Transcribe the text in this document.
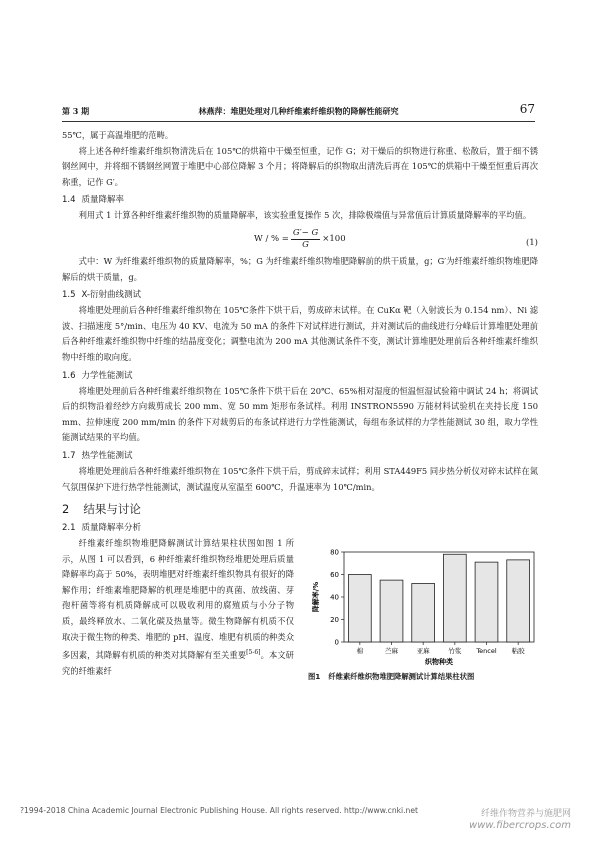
第 3 期	林燕萍：堆肥处理对几种纤维素纤维织物的降解性能研究	67

55℃，属于高温堆肥的范畴。

将上述各种纤维素纤维织物清洗后在 105℃的烘箱中干燥至恒重，记作 G；对干燥后的织物进行称重、松散后，置于细不锈钢丝网中，并将细不锈钢丝网置于堆肥中心部位降解 3 个月；将降解后的织物取出清洗后再在 105℃的烘箱中干燥至恒重后再次称重，记作 G′。

1.4 质量降解率

利用式 1 计算各种纤维素纤维织物的质量降解率，该实验重复操作 5 次，排除极端值与异常值后计算质量降解率的平均值。

W / % = $\frac{G'- G}{G} \times 100$	(1)

式中：W 为纤维素纤维织物的质量降解率，%；G 为纤维素纤维织物堆肥降解前的烘干质量，g；G′为纤维素纤维织物堆肥降解后的烘干质量，g。

1.5 X-衍射曲线测试

将堆肥处理前后各种纤维素纤维织物在 105℃条件下烘干后，剪成碎末试样。在 CuKα 靶（入射波长为 0.154 nm）、Ni 滤波、扫描速度 5°/min、电压为 40 KV、电流为 50 mA 的条件下对试样进行测试，并对测试后的曲线进行分峰后计算堆肥处理前后各种纤维素纤维织物中纤维的结晶度变化；调整电流为 200 mA 其他测试条件不变，测试计算堆肥处理前后各种纤维素纤维织物中纤维的取向度。

1.6 力学性能测试

将堆肥处理前后各种纤维素纤维织物在 105℃条件下烘干后在 20℃、65%相对湿度的恒温恒湿试验箱中调试 24 h；将调试后的织物沿着经纱方向裁剪成长 200 mm、宽 50 mm 矩形布条试样。利用 INSTRON5590 万能材料试验机在夹持长度 150 mm、拉伸速度 200 mm/min 的条件下对裁剪后的布条试样进行力学性能测试，每组布条试样的力学性能测试 30 组，取力学性能测试结果的平均值。

1.7 热学性能测试

将堆肥处理前后各种纤维素纤维织物在 105℃条件下烘干后，剪成碎末试样；利用 STA449F5 同步热分析仪对碎末试样在氮气氛围保护下进行热学性能测试，测试温度从室温至 600℃，升温速率为 10℃/min。

2 结果与讨论
2.1 质量降解率分析

纤维素纤维织物堆肥降解测试计算结果柱状图如图 1 所示，从图 1 可以看到，6 种纤维素纤维织物经堆肥处理后质量降解率均高于 50%，表明堆肥对纤维素纤维织物具有很好的降解作用；纤维素堆肥降解的机理是堆肥中的真菌、放线菌、芽孢杆菌等将有机质降解成可以吸收利用的腐殖质与小分子物质，最终释放水、二氧化碳及热量等。微生物降解有机质不仅取决于微生物的种类、堆肥的 pH、温度、堆肥有机质的种类众多因素，其降解有机质的种类对其降解有至关重要[5-6]。本文研究的纤维素纤

0
20
40
60
80
棉	苎麻	亚麻	竹浆 Tencel 粘胶
织物种类
降解率/%
图1 纤维素纤维织物堆肥降解测试计算结果柱状图
?1994-2018 China Academic Journal Electronic Publishing House. All rights reserved. http://www.cnki.net	纤维作物营养与施肥网
www.fibercrops.com
